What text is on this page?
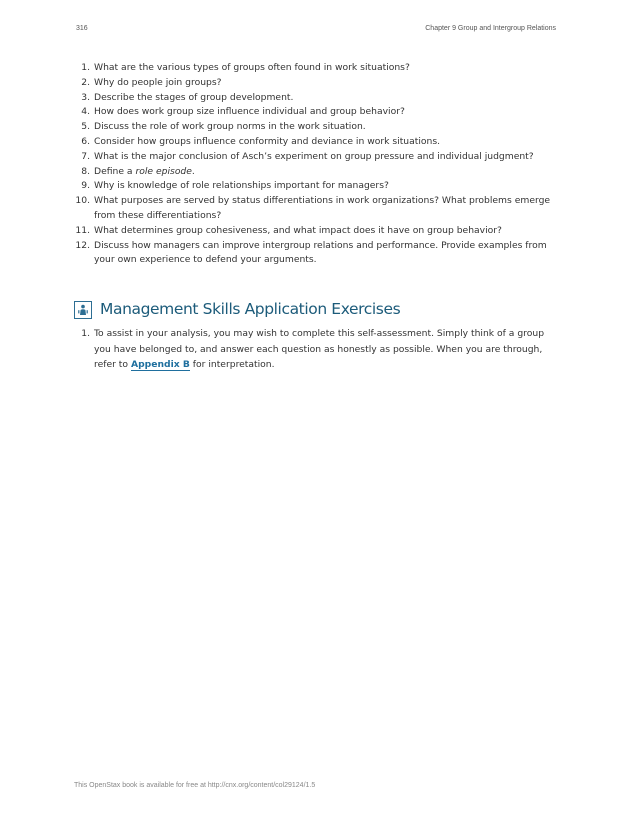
316	Chapter 9 Group and Intergroup Relations
1. What are the various types of groups often found in work situations?
2. Why do people join groups?
3. Describe the stages of group development.
4. How does work group size influence individual and group behavior?
5. Discuss the role of work group norms in the work situation.
6. Consider how groups influence conformity and deviance in work situations.
7. What is the major conclusion of Asch’s experiment on group pressure and individual judgment?
8. Define a role episode.
9. Why is knowledge of role relationships important for managers?
10. What purposes are served by status differentiations in work organizations? What problems emerge from these differentiations?
11. What determines group cohesiveness, and what impact does it have on group behavior?
12. Discuss how managers can improve intergroup relations and performance. Provide examples from your own experience to defend your arguments.
Management Skills Application Exercises
1. To assist in your analysis, you may wish to complete this self-assessment. Simply think of a group you have belonged to, and answer each question as honestly as possible. When you are through, refer to Appendix B for interpretation.
This OpenStax book is available for free at http://cnx.org/content/col29124/1.5
